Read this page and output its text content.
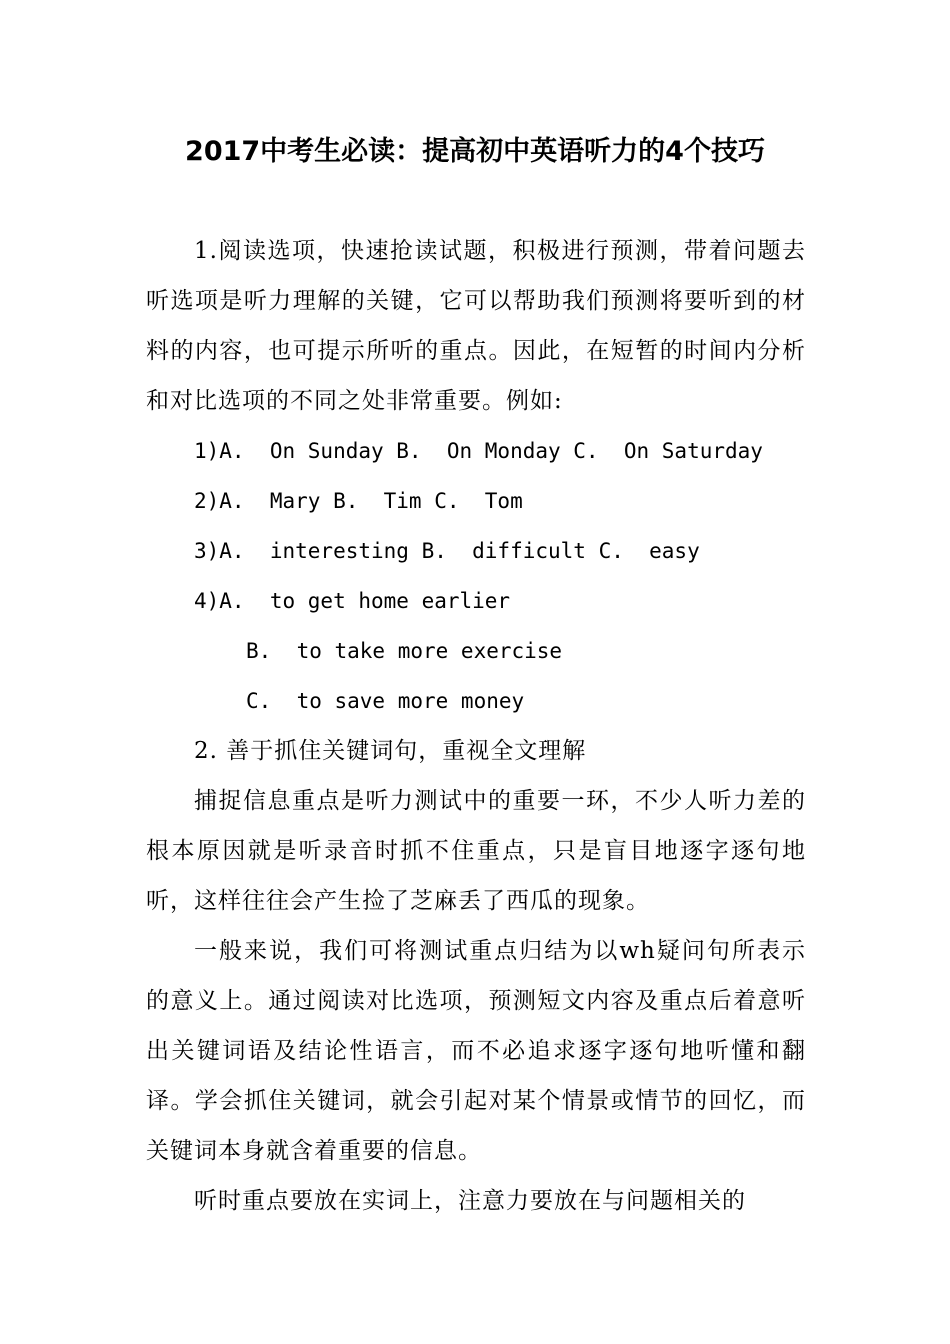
2017中考生必读：提高初中英语听力的4个技巧

1.阅读选项，快速抢读试题，积极进行预测，带着问题去听选项是听力理解的关键，它可以帮助我们预测将要听到的材料的内容，也可提示所听的重点。因此，在短暂的时间内分析和对比选项的不同之处非常重要。例如:

1)A.  On Sunday B.  On Monday C.  On Saturday

2)A.  Mary B.  Tim C.  Tom

3)A.  interesting B.  difficult C.  easy

4)A.  to get home earlier

B.  to take more exercise

C.  to save more money

2. 善于抓住关键词句，重视全文理解

捕捉信息重点是听力测试中的重要一环，不少人听力差的根本原因就是听录音时抓不住重点，只是盲目地逐字逐句地听，这样往往会产生捡了芝麻丢了西瓜的现象。

一般来说，我们可将测试重点归结为以wh疑问句所表示的意义上。通过阅读对比选项，预测短文内容及重点后着意听出关键词语及结论性语言，而不必追求逐字逐句地听懂和翻译。学会抓住关键词，就会引起对某个情景或情节的回忆，而关键词本身就含着重要的信息。

听时重点要放在实词上，注意力要放在与问题相关的
